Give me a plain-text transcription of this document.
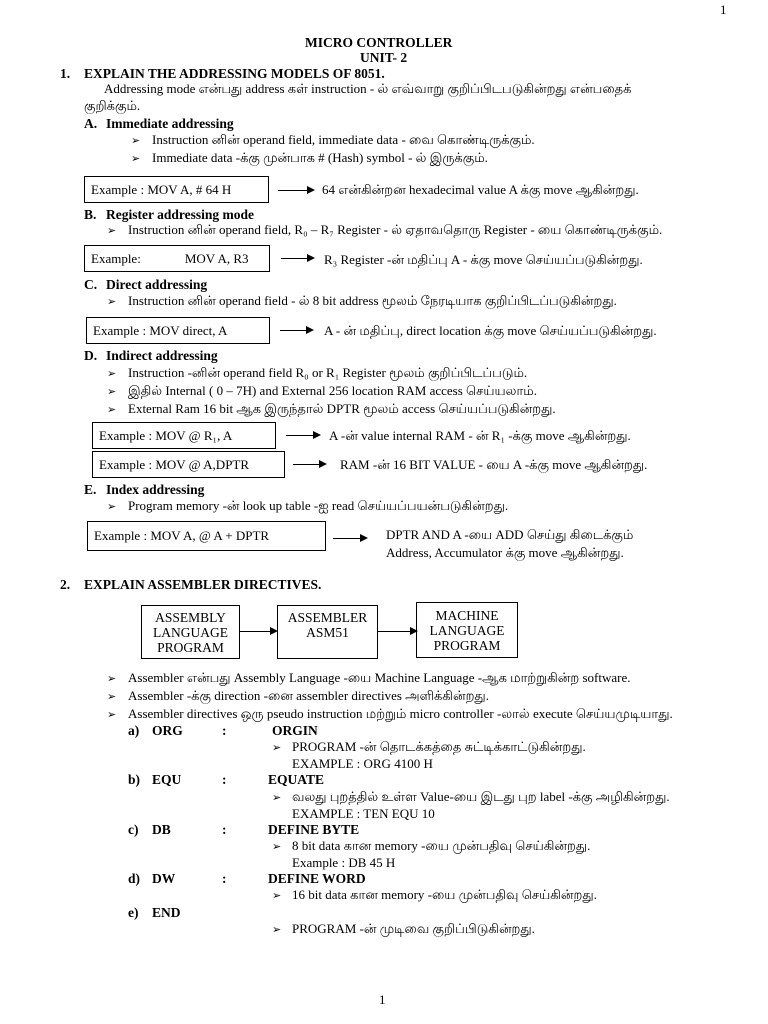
1
1
MICRO CONTROLLER
UNIT- 2
1. EXPLAIN THE ADDRESSING MODELS OF 8051.
Addressing mode என்பது address கள் instruction - ல் எவ்வாறு குறிப்பிடபடுகின்றது என்பதைக்
குறிக்கும்.
A. Immediate addressing
➢ Instruction னின் operand field, immediate data - வை கொண்டிருக்கும்.
➢ Immediate data -க்கு முன்பாக # (Hash) symbol - ல் இருக்கும்.
Example : MOV A, # 64 H	64 என்கின்றன hexadecimal value A க்கு move ஆகின்றது.
B. Register addressing mode
➢ Instruction னின் operand field, R₀ – R₇ Register - ல் ஏதாவதொரு Register - யை கொண்டிருக்கும்.
Example:	MOV A, R3	R₃ Register -ன் மதிப்பு A - க்கு move செய்யப்படுகின்றது.
C. Direct addressing
➢ Instruction னின் operand field - ல் 8 bit address மூலம் நேரடியாக குறிப்பிடப்படுகின்றது.
Example : MOV direct, A	A - ன் மதிப்பு, direct location க்கு move செய்யப்படுகின்றது.
D. Indirect addressing
➢ Instruction -னின் operand field R₀ or R₁ Register மூலம் குறிப்பிடப்படும்.
➢ இதில் Internal ( 0 – 7H) and External 256 location RAM access செய்யலாம்.
➢ External Ram 16 bit ஆக இருந்தால் DPTR மூலம் access செய்யப்படுகின்றது.
Example : MOV @ R₁, A	A -ன் value internal RAM - ன் R₁ -க்கு move ஆகின்றது.
Example : MOV @ A,DPTR	RAM -ன் 16 BIT VALUE - யை A -க்கு move ஆகின்றது.
E. Index addressing
➢ Program memory -ன் look up table -ஐ read செய்யப்பயன்படுகின்றது.
Example : MOV A, @ A + DPTR	DPTR AND A -யை ADD செய்து கிடைக்கும்
Address, Accumulator க்கு move ஆகின்றது.
2. EXPLAIN ASSEMBLER DIRECTIVES.
ASSEMBLY
LANGUAGE
PROGRAM
ASSEMBLER
ASM51
MACHINE
LANGUAGE
PROGRAM
➢ Assembler என்பது Assembly Language -யை Machine Language -ஆக மாற்றுகின்ற software.
➢ Assembler -க்கு direction -னை assembler directives அளிக்கின்றது.
➢ Assembler directives ஒரு pseudo instruction மற்றும் micro controller -லால் execute செய்யமுடியாது.
a) ORG	:	ORGIN
➢ PROGRAM -ன் தொடக்கத்தை சுட்டிக்காட்டுகின்றது.
EXAMPLE : ORG 4100 H
b) EQU	:	EQUATE
➢ வலது புறத்தில் உள்ள Value-யை இடது புற label -க்கு அழிகின்றது.
EXAMPLE : TEN EQU 10
c) DB	:	DEFINE BYTE
➢ 8 bit data கான memory -யை முன்பதிவு செய்கின்றது.
Example : DB 45 H
d) DW	:	DEFINE WORD
➢ 16 bit data கான memory -யை முன்பதிவு செய்கின்றது.
e) END
➢ PROGRAM -ன் முடிவை குறிப்பிடுகின்றது.
